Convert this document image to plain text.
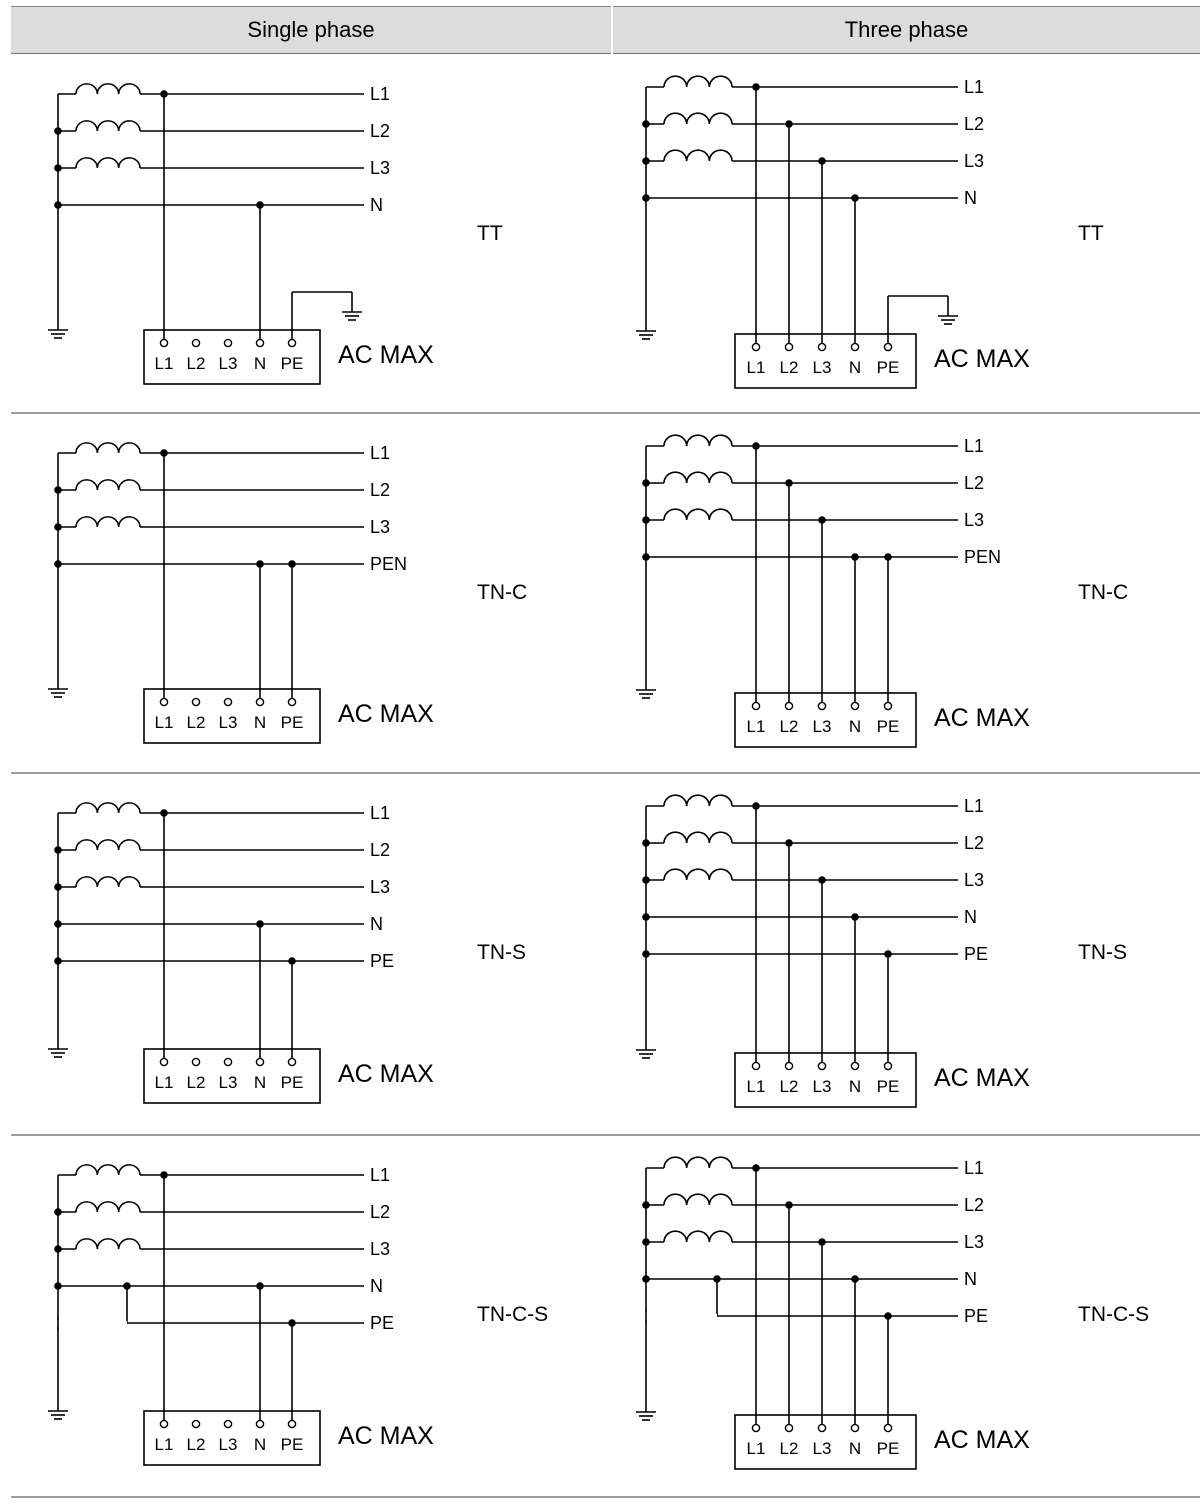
Single phase	Three phase
L1
L2
L3
N
AC MAX
L1 L2 L3 N PE
TT
L1
L2
L3
N
AC MAX
L1 L2 L3 N PE
TT
L1
L2
L3
PEN
AC MAX
L1 L2 L3 N PE
TN-C
L1
L2
L3
PEN
AC MAX
L1 L2 L3 N PE
TN-C
L1
L2
L3
N
PE
AC MAX
L1 L2 L3 N PE
TN-S
L1
L2
L3
N
PE
AC MAX
L1 L2 L3 N PE
TN-S
L1
L2
L3
N
PE
AC MAX
L1 L2 L3 N PE
TN-C-S
L1
L2
L3
N
PE
AC MAX
L1 L2 L3 N PE
TN-C-S
